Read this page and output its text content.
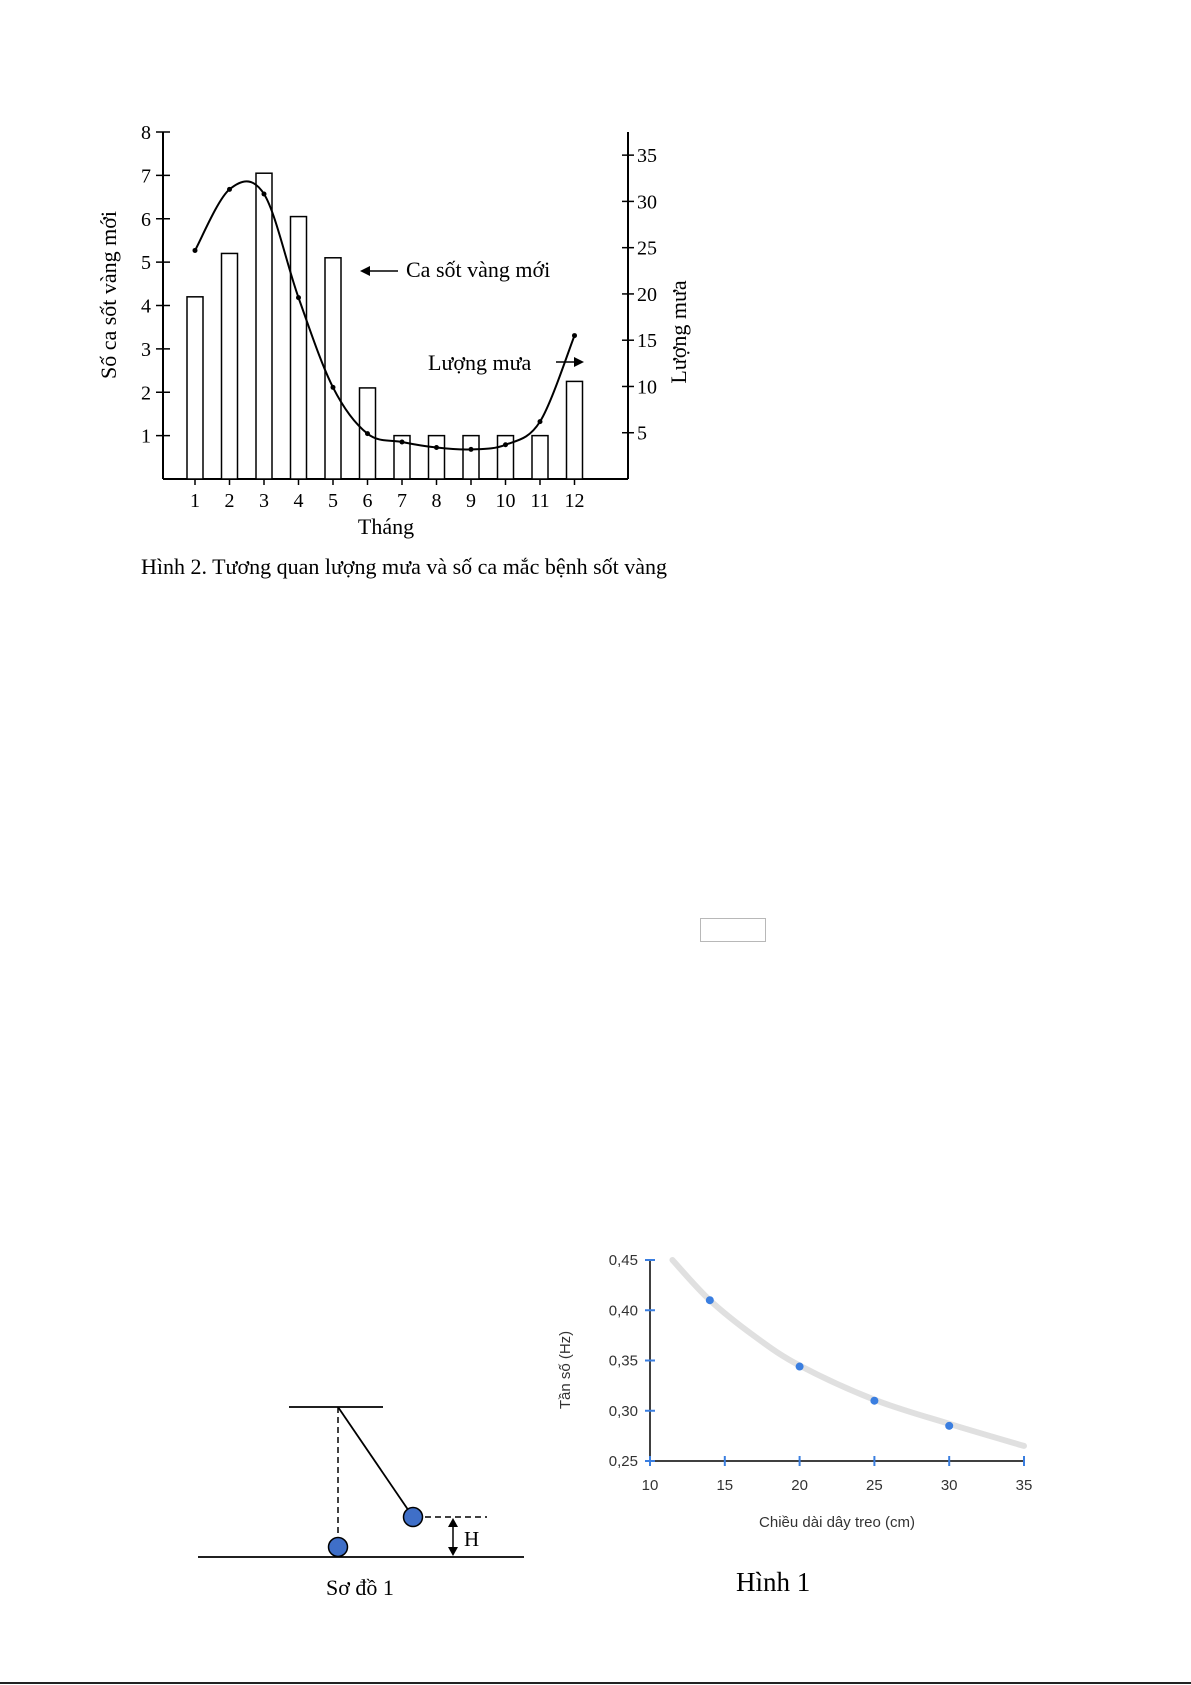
1
2
3
4
5
6
7
8
5
10
15
20
25
30
35
1 2 3 4 5 6 7 8 9 10 11 12
Tháng
Số ca sốt vàng mới	Lượng mưa
Ca sốt vàng mới
Lượng mưa
Hình 2. Tương quan lượng mưa và số ca mắc bệnh sốt vàng
10	15	20	25	30	35
0,25
0,30
0,35
0,40
0,45
Chiều dài dây treo (cm)
Tần số (Hz)
Hình 1
H
Sơ đồ 1
